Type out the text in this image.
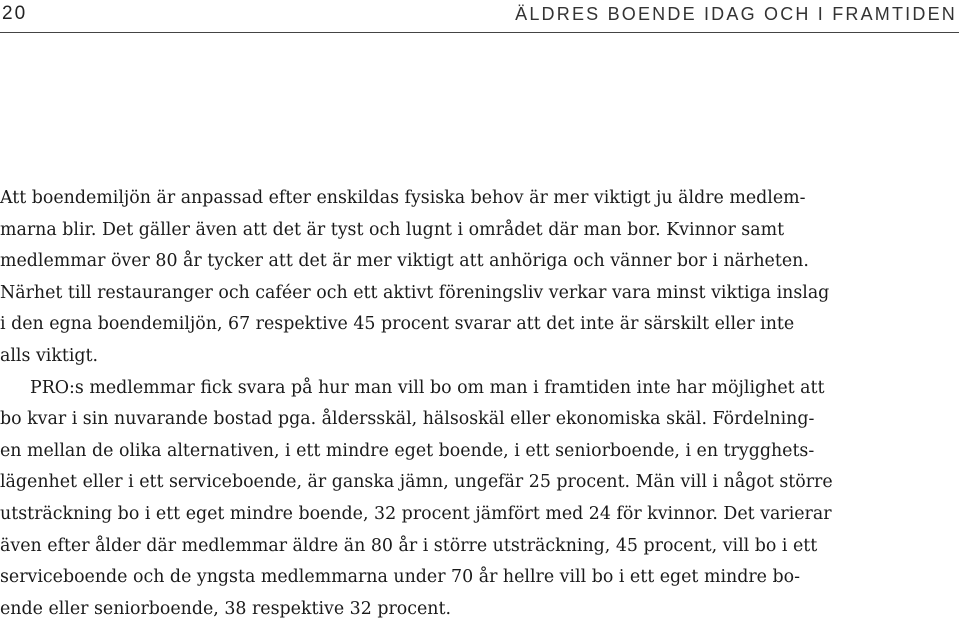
20	ÄLDRES BOENDE IDAG OCH I FRAMTIDEN
Att boendemiljön är anpassad efter enskildas fysiska behov är mer viktigt ju äldre medlem-
marna blir. Det gäller även att det är tyst och lugnt i området där man bor. Kvinnor samt
medlemmar över 80 år tycker att det är mer viktigt att anhöriga och vänner bor i närheten.
Närhet till restauranger och caféer och ett aktivt föreningsliv verkar vara minst viktiga inslag
i den egna boendemiljön, 67 respektive 45 procent svarar att det inte är särskilt eller inte
alls viktigt.
PRO:s medlemmar fick svara på hur man vill bo om man i framtiden inte har möjlighet att
bo kvar i sin nuvarande bostad pga. åldersskäl, hälsoskäl eller ekonomiska skäl. Fördelning-
en mellan de olika alternativen, i ett mindre eget boende, i ett seniorboende, i en trygghets-
lägenhet eller i ett serviceboende, är ganska jämn, ungefär 25 procent. Män vill i något större
utsträckning bo i ett eget mindre boende, 32 procent jämfört med 24 för kvinnor. Det varierar
även efter ålder där medlemmar äldre än 80 år i större utsträckning, 45 procent, vill bo i ett
serviceboende och de yngsta medlemmarna under 70 år hellre vill bo i ett eget mindre bo-
ende eller seniorboende, 38 respektive 32 procent.
